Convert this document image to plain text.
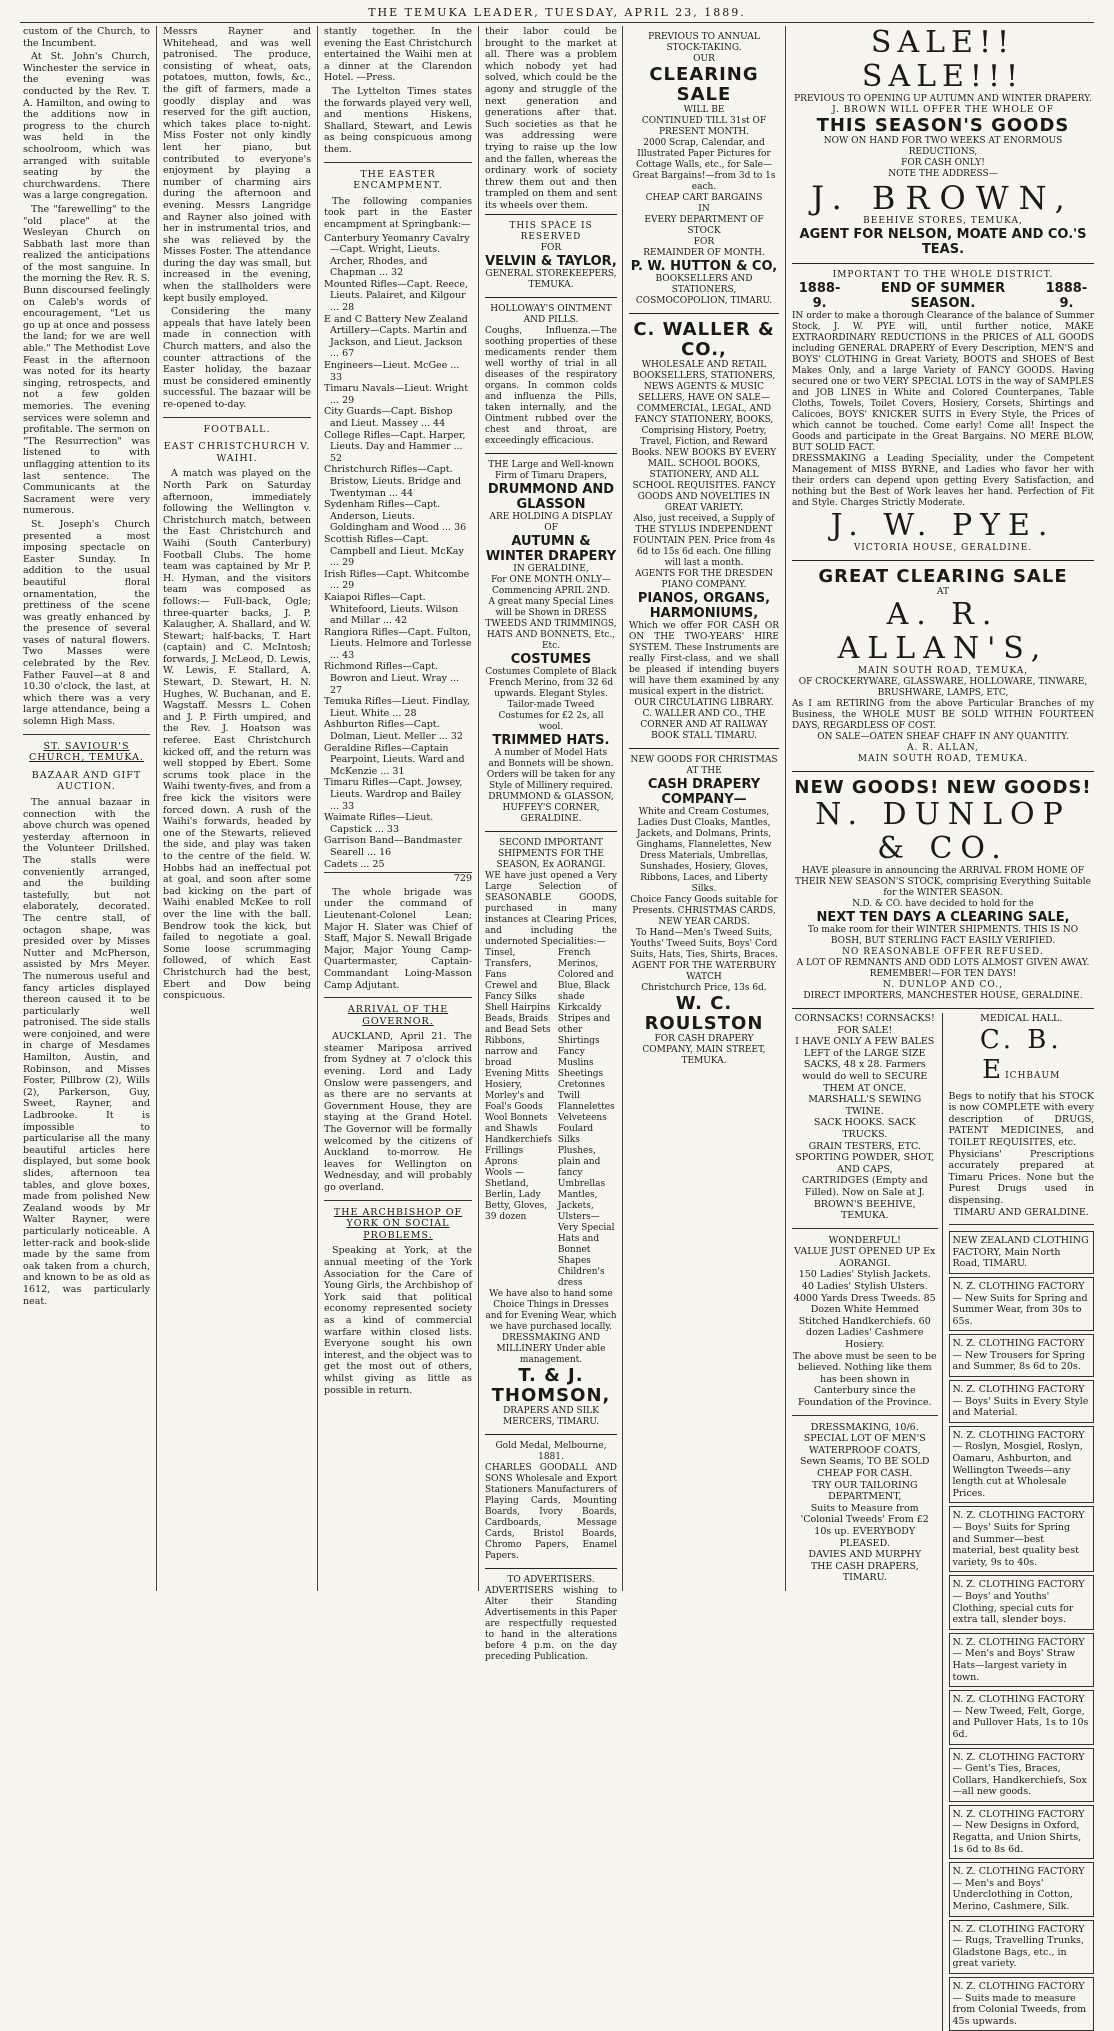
THE TEMUKA LEADER, TUESDAY, APRIL 23, 1889.

custom of the Church, to the Incumbent.

At St. John's Church, Winchester the service in the evening was conducted by the Rev. T. A. Hamilton, and owing to the additions now in progress to the church was held in the schoolroom, which was arranged with suitable seating by the churchwardens. There was a large congregation.

The "farewelling" to the "old place" at the Wesleyan Church on Sabbath last more than realized the anticipations of the most sanguine. In the morning the Rev. R. S. Bunn discoursed feelingly on Caleb's words of encouragement, "Let us go up at once and possess the land; for we are well able." The Methodist Love Feast in the afternoon was noted for its hearty singing, retrospects, and not a few golden memories. The evening services were solemn and profitable. The sermon on "The Resurrection" was listened to with unflagging attention to its last sentence. The Communicants at the Sacrament were very numerous.

St. Joseph's Church presented a most imposing spectacle on Easter Sunday. In addition to the usual beautiful floral ornamentation, the prettiness of the scene was greatly enhanced by the presence of several vases of natural flowers. Two Masses were celebrated by the Rev. Father Fauvel—at 8 and 10.30 o'clock, the last, at which there was a very large attendance, being a solemn High Mass.

ST. SAVIOUR'S CHURCH, TEMUKA.
BAZAAR AND GIFT AUCTION.

The annual bazaar in connection with the above church was opened yesterday afternoon in the Volunteer Drillshed. The stalls were conveniently arranged, and the building tastefully, but not elaborately, decorated. The centre stall, of octagon shape, was presided over by Misses Nutter and McPherson, assisted by Mrs Meyer. The numerous useful and fancy articles displayed thereon caused it to be particularly well patronised. The side stalls were conjoined, and were in charge of Mesdames Hamilton, Austin, and Robinson, and Misses Foster, Pillbrow (2), Wills (2), Parkerson, Guy, Sweet, Rayner, and Ladbrooke. It is impossible to particularise all the many beautiful articles here displayed, but some book slides, afternoon tea tables, and glove boxes, made from polished New Zealand woods by Mr Walter Rayner, were particularly noticeable. A letter-rack and book-slide made by the same from oak taken from a church, and known to be as old as 1612, was particularly neat.

Messrs Rayner and Whitehead, and was well patronised. The produce, consisting of wheat, oats, potatoes, mutton, fowls, &c., the gift of farmers, made a goodly display and was reserved for the gift auction, which takes place to-night. Miss Foster not only kindly lent her piano, but contributed to everyone's enjoyment by playing a number of charming airs during the afternoon and evening. Messrs Langridge and Rayner also joined with her in instrumental trios, and she was relieved by the Misses Foster. The attendance during the day was small, but increased in the evening, when the stallholders were kept busily employed.

Considering the many appeals that have lately been made in connection with Church matters, and also the counter attractions of the Easter holiday, the bazaar must be considered eminently successful. The bazaar will be re-opened to-day.

FOOTBALL.
EAST CHRISTCHURCH V. WAIHI.

A match was played on the North Park on Saturday afternoon, immediately following the Wellington v. Christchurch match, between the East Christchurch and Waihi (South Canterbury) Football Clubs. The home team was captained by Mr P. H. Hyman, and the visitors team was composed as follows:— Full-back, Ogle; three-quarter backs, J. P. Kalaugher, A. Shallard, and W. Stewart; half-backs, T. Hart (captain) and C. McIntosh; forwards, J. McLeod, D. Lewis, W. Lewis, F. Stallard, A. Stewart, D. Stewart, H. N. Hughes, W. Buchanan, and E. Wagstaff. Messrs L. Cohen and J. P. Firth umpired, and the Rev. J. Hoatson was referee. East Christchurch kicked off, and the return was well stopped by Ebert. Some scrums took place in the Waihi twenty-fives, and from a free kick the visitors were forced down. A rush of the Waihi's forwards, headed by one of the Stewarts, relieved the side, and play was taken to the centre of the field. W. Hobbs had an ineffectual pot at goal, and soon after some bad kicking on the part of Waihi enabled McKee to roll over the line with the ball. Bendrow took the kick, but failed to negotiate a goal. Some loose scrummaging followed, of which East Christchurch had the best, Ebert and Dow being conspicuous.

stantly together. In the evening the East Christchurch entertained the Waihi men at a dinner at the Clarendon Hotel. —Press.

The Lyttelton Times states the forwards played very well, and mentions Hiskens, Shallard, Stewart, and Lewis as being conspicuous among them.

THE EASTER ENCAMPMENT.

The following companies took part in the Easter encampment at Springbank:—

Canterbury Yeomanry Cavalry—Capt. Wright, Lieuts. Archer, Rhodes, and Chapman ... 32
Mounted Rifles—Capt. Reece, Lieuts. Palairet, and Kilgour ... 28
E and C Battery New Zealand Artillery—Capts. Martin and Jackson, and Lieut. Jackson ... 67
Engineers—Lieut. McGee ... 33
Timaru Navals—Lieut. Wright ... 29
City Guards—Capt. Bishop and Lieut. Massey ... 44
College Rifles—Capt. Harper, Lieuts. Day and Hammer ... 52
Christchurch Rifles—Capt. Bristow, Lieuts. Bridge and Twentyman ... 44
Sydenham Rifles—Capt. Anderson, Lieuts. Goldingham and Wood ... 36
Scottish Rifles—Capt. Campbell and Lieut. McKay ... 29
Irish Rifles—Capt. Whitcombe ... 29
Kaiapoi Rifles—Capt. Whitefoord, Lieuts. Wilson and Millar ... 42
Rangiora Rifles—Capt. Fulton, Lieuts. Helmore and Torlesse ... 43
Richmond Rifles—Capt. Bowron and Lieut. Wray ... 27
Temuka Rifles—Lieut. Findlay, Lieut. White ... 28
Ashburton Rifles—Capt. Dolman, Lieut. Meller ... 32
Geraldine Rifles—Captain Pearpoint, Lieuts. Ward and McKenzie ... 31
Timaru Rifles—Capt. Jowsey, Lieuts. Wardrop and Bailey ... 33
Waimate Rifles—Lieut. Capstick ... 33
Garrison Band—Bandmaster Searell ... 16
Cadets ... 25
729

The whole brigade was under the command of Lieutenant-Colonel Lean; Major H. Slater was Chief of Staff, Major S. Newall Brigade Major, Major Young Camp-Quartermaster, Captain-Commandant Loing-Masson Camp Adjutant.

ARRIVAL OF THE GOVERNOR.

AUCKLAND, April 21. The steamer Mariposa arrived from Sydney at 7 o'clock this evening. Lord and Lady Onslow were passengers, and as there are no servants at Government House, they are staying at the Grand Hotel. The Governor will be formally welcomed by the citizens of Auckland to-morrow. He leaves for Wellington on Wednesday, and will probably go overland.

THE ARCHBISHOP OF YORK ON SOCIAL PROBLEMS.

Speaking at York, at the annual meeting of the York Association for the Care of Young Girls, the Archbishop of York said that political economy represented society as a kind of commercial warfare within closed lists. Everyone sought his own interest, and the object was to get the most out of others, whilst giving as little as possible in return.

their labor could be brought to the market at all. There was a problem which nobody yet had solved, which could be the agony and struggle of the next generation and generations after that. Such societies as that he was addressing were trying to raise up the low and the fallen, whereas the ordinary work of society threw them out and then trampled on them and sent its wheels over them.

THIS SPACE IS RESERVED
FOR
VELVIN & TAYLOR,
GENERAL STOREKEEPERS,
TEMUKA.
HOLLOWAY'S OINTMENT AND PILLS.
Coughs, Influenza.—The soothing properties of these medicaments render them well worthy of trial in all diseases of the respiratory organs. In common colds and influenza the Pills, taken internally, and the Ointment rubbed over the chest and throat, are exceedingly efficacious.
THE Large and Well-known Firm of Timaru Drapers,
DRUMMOND AND GLASSON
ARE HOLDING A DISPLAY OF
AUTUMN & WINTER DRAPERY
IN GERALDINE,
For ONE MONTH ONLY—Commencing APRIL 2ND.
A great many Special Lines will be Shown in DRESS TWEEDS AND TRIMMINGS, HATS AND BONNETS, Etc., Etc.
COSTUMES
Costumes Complete of Black French Merino, from 32 6d upwards. Elegant Styles. Tailor-made Tweed Costumes for £2 2s, all wool.
TRIMMED HATS.
A number of Model Hats and Bonnets will be shown. Orders will be taken for any Style of Millinery required.
DRUMMOND & GLASSON, HUFFEY'S CORNER, GERALDINE.
SECOND IMPORTANT SHIPMENTS FOR THE SEASON, Ex AORANGI.
WE have just opened a Very Large Selection of SEASONABLE GOODS, purchased in many instances at Clearing Prices, and including the undernoted Specialities:—
Tinsel, Transfers, Fans
Crewel and Fancy Silks
Shell Hairpins
Beads, Braids and Bead Sets
Ribbons, narrow and broad
Evening Mitts
Hosiery, Morley's and Foal's Goods
Wool Bonnets and Shawls
Handkerchiefs
Frillings
Aprons
Wools — Shetland, Berlin, Lady Betty, Gloves, 39 dozen
French Merinos, Colored and Blue, Black shade
Kirkcaldy Stripes and other Shirtings
Fancy Muslins
Sheetings
Cretonnes
Twill Flannelettes
Velveteens
Foulard Silks
Plushes, plain and fancy
Umbrellas
Mantles, Jackets, Ulsters—Very Special
Hats and Bonnet Shapes
Children's dress
We have also to hand some Choice Things in Dresses and for Evening Wear, which we have purchased locally.
DRESSMAKING AND MILLINERY Under able management.
T. & J. THOMSON,
DRAPERS AND SILK MERCERS, TIMARU.
Gold Medal, Melbourne, 1881.
CHARLES GOODALL AND SONS Wholesale and Export Stationers Manufacturers of Playing Cards, Mounting Boards, Ivory Boards, Cardboards, Message Cards, Bristol Boards, Chromo Papers, Enamel Papers.
TO ADVERTISERS.
ADVERTISERS wishing to Alter their Standing Advertisements in this Paper are respectfully requested to hand in the alterations before 4 p.m. on the day preceding Publication.
PREVIOUS TO ANNUAL STOCK-TAKING.
OUR
CLEARING SALE
WILL BE
CONTINUED TILL 31st OF PRESENT MONTH.
2000 Scrap, Calendar, and Illustrated Paper Pictures for Cottage Walls, etc., for Sale—Great Bargains!—from 3d to 1s each.
CHEAP CART BARGAINS
IN
EVERY DEPARTMENT OF STOCK
FOR
REMAINDER OF MONTH.
P. W. HUTTON & CO,
BOOKSELLERS AND STATIONERS, COSMOCOPOLION, TIMARU.
C. WALLER & CO.,
WHOLESALE AND RETAIL BOOKSELLERS, STATIONERS, NEWS AGENTS & MUSIC SELLERS, HAVE ON SALE—
COMMERCIAL, LEGAL, AND FANCY STATIONERY, BOOKS, Comprising History, Poetry, Travel, Fiction, and Reward Books. NEW BOOKS BY EVERY MAIL. SCHOOL BOOKS, STATIONERY, AND ALL SCHOOL REQUISITES. FANCY GOODS AND NOVELTIES IN GREAT VARIETY.
Also, just received, a Supply of THE STYLUS INDEPENDENT FOUNTAIN PEN. Price from 4s 6d to 15s 6d each. One filling will last a month.
AGENTS FOR THE DRESDEN PIANO COMPANY.
PIANOS, ORGANS, HARMONIUMS,
Which we offer FOR CASH OR ON THE TWO-YEARS' HIRE SYSTEM. These Instruments are really First-class, and we shall be pleased if intending buyers will have them examined by any musical expert in the district.
OUR CIRCULATING LIBRARY.
C. WALLER AND CO., THE CORNER AND AT RAILWAY BOOK STALL TIMARU.
NEW GOODS FOR CHRISTMAS AT THE
CASH DRAPERY COMPANY—
White and Cream Costumes, Ladies Dust Cloaks, Mantles, Jackets, and Dolmans, Prints, Ginghams, Flannelettes, New Dress Materials, Umbrellas, Sunshades, Hosiery, Gloves, Ribbons, Laces, and Liberty Silks.
Choice Fancy Goods suitable for Presents. CHRISTMAS CARDS, NEW YEAR CARDS.
To Hand—Men's Tweed Suits, Youths' Tweed Suits, Boys' Cord Suits, Hats, Ties, Shirts, Braces.
AGENT FOR THE WATERBURY WATCH
Christchurch Price, 13s 6d.
W. C. ROULSTON
FOR CASH DRAPERY COMPANY, MAIN STREET, TEMUKA.
SALE!! SALE!!!
PREVIOUS TO OPENING UP AUTUMN AND WINTER DRAPERY.
J. BROWN WILL OFFER THE WHOLE OF
THIS SEASON'S GOODS
NOW ON HAND FOR TWO WEEKS AT ENORMOUS REDUCTIONS,
FOR CASH ONLY!
NOTE THE ADDRESS—
J. BROWN,
BEEHIVE STORES, TEMUKA,
AGENT FOR NELSON, MOATE AND CO.'S TEAS.
IMPORTANT TO THE WHOLE DISTRICT.
1888-9.
END OF SUMMER SEASON.
1888-9.
IN order to make a thorough Clearance of the balance of Summer Stock, J. W. PYE will, until further notice, MAKE EXTRAORDINARY REDUCTIONS in the PRICES of ALL GOODS including GENERAL DRAPERY of Every Description, MEN'S and BOYS' CLOTHING in Great Variety, BOOTS and SHOES of Best Makes Only, and a large Variety of FANCY GOODS. Having secured one or two VERY SPECIAL LOTS in the way of SAMPLES and JOB LINES in White and Colored Counterpanes, Table Cloths, Towels, Toilet Covers, Hosiery, Corsets, Shirtings and Calicoes, BOYS' KNICKER SUITS in Every Style, the Prices of which cannot be touched. Come early! Come all! Inspect the Goods and participate in the Great Bargains. NO MERE BLOW, BUT SOLID FACT.
DRESSMAKING a Leading Speciality, under the Competent Management of MISS BYRNE, and Ladies who favor her with their orders can depend upon getting Every Satisfaction, and nothing but the Best of Work leaves her hand. Perfection of Fit and Style. Charges Strictly Moderate.
J. W. PYE.
VICTORIA HOUSE, GERALDINE.
GREAT CLEARING SALE
AT
A. R. ALLAN'S,
MAIN SOUTH ROAD, TEMUKA,
OF CROCKERYWARE, GLASSWARE, HOLLOWARE, TINWARE, BRUSHWARE, LAMPS, ETC,
As I am RETIRING from the above Particular Branches of my Business, the WHOLE MUST BE SOLD WITHIN FOURTEEN DAYS, REGARDLESS OF COST.
ON SALE—OATEN SHEAF CHAFF IN ANY QUANTITY.
A. R. ALLAN,
MAIN SOUTH ROAD, TEMUKA.
NEW GOODS! NEW GOODS!
N. DUNLOP & CO.
HAVE pleasure in announcing the ARRIVAL FROM HOME OF THEIR NEW SEASON'S STOCK, comprising Everything Suitable for the WINTER SEASON.
N.D. & CO. have decided to hold for the
NEXT TEN DAYS A CLEARING SALE,
To make room for their WINTER SHIPMENTS. THIS IS NO BOSH, BUT STERLING FACT EASILY VERIFIED.
NO REASONABLE OFFER REFUSED.
A LOT OF REMNANTS AND ODD LOTS ALMOST GIVEN AWAY.
REMEMBER!—FOR TEN DAYS!
N. DUNLOP AND CO.,
DIRECT IMPORTERS, MANCHESTER HOUSE, GERALDINE.
CORNSACKS! CORNSACKS!
FOR SALE!
I HAVE ONLY A FEW BALES LEFT of the LARGE SIZE SACKS, 48 x 28. Farmers would do well to SECURE THEM AT ONCE.
MARSHALL'S SEWING TWINE.
SACK HOOKS. SACK TRUCKS.
GRAIN TESTERS, ETC.
SPORTING POWDER, SHOT, AND CAPS,
CARTRIDGES (Empty and Filled). Now on Sale at J. BROWN'S BEEHIVE, TEMUKA.
WONDERFUL!
VALUE JUST OPENED UP Ex AORANGI.
150 Ladies' Stylish Jackets. 40 Ladies' Stylish Ulsters. 4000 Yards Dress Tweeds. 85 Dozen White Hemmed Stitched Handkerchiefs. 60 dozen Ladies' Cashmere Hosiery.
The above must be seen to be believed. Nothing like them has been shown in Canterbury since the Foundation of the Province.
DRESSMAKING, 10/6.
SPECIAL LOT OF MEN'S WATERPROOF COATS,
Sewn Seams, TO BE SOLD CHEAP FOR CASH.
TRY OUR TAILORING DEPARTMENT,
Suits to Measure from 'Colonial Tweeds' From £2 10s up. EVERYBODY PLEASED.
DAVIES AND MURPHY
THE CASH DRAPERS, TIMARU.
MEDICAL HALL.
C. B. EICHBAUM
Begs to notify that his STOCK is now COMPLETE with every description of DRUGS, PATENT MEDICINES, and TOILET REQUISITES, etc.
Physicians' Prescriptions accurately prepared at Timaru Prices. None but the Purest Drugs used in dispensing.
TIMARU AND GERALDINE.
NEW ZEALAND CLOTHING FACTORY, Main North Road, TIMARU.
N. Z. CLOTHING FACTORY— New Suits for Spring and Summer Wear, from 30s to 65s.
N. Z. CLOTHING FACTORY— New Trousers for Spring and Summer, 8s 6d to 20s.
N. Z. CLOTHING FACTORY— Boys' Suits in Every Style and Material.
N. Z. CLOTHING FACTORY— Roslyn, Mosgiel, Roslyn, Oamaru, Ashburton, and Wellington Tweeds—any length cut at Wholesale Prices.
N. Z. CLOTHING FACTORY— Boys' Suits for Spring and Summer—best material, best quality best variety, 9s to 40s.
N. Z. CLOTHING FACTORY— Boys' and Youths' Clothing, special cuts for extra tall, slender boys.
N. Z. CLOTHING FACTORY— Men's and Boys' Straw Hats—largest variety in town.
N. Z. CLOTHING FACTORY— New Tweed, Felt, Gorge, and Pullover Hats, 1s to 10s 6d.
N. Z. CLOTHING FACTORY— Gent's Ties, Braces, Collars, Handkerchiefs, Sox—all new goods.
N. Z. CLOTHING FACTORY— New Designs in Oxford, Regatta, and Union Shirts, 1s 6d to 8s 6d.
N. Z. CLOTHING FACTORY— Men's and Boys' Underclothing in Cotton, Merino, Cashmere, Silk.
N. Z. CLOTHING FACTORY— Rugs, Travelling Trunks, Gladstone Bags, etc., in great variety.
N. Z. CLOTHING FACTORY— Suits made to measure from Colonial Tweeds, from 45s upwards.
